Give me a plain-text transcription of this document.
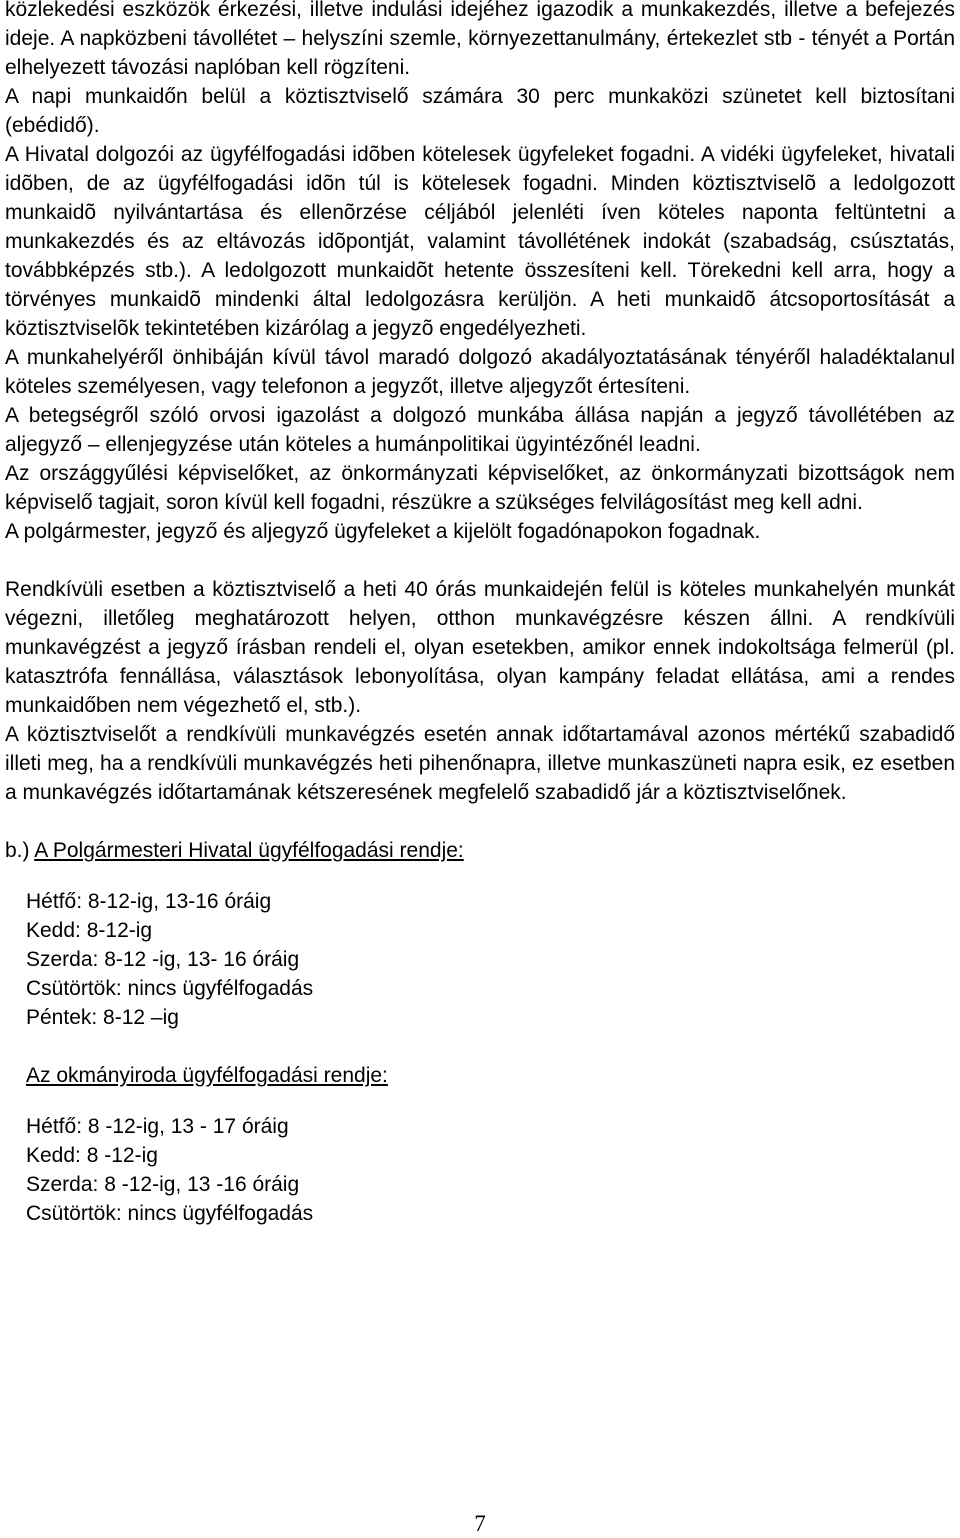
közlekedési eszközök érkezési, illetve indulási idejéhez igazodik a munkakezdés, illetve a befejezés ideje. A napközbeni távollétet – helyszíni szemle, környezettanulmány, értekezlet stb - tényét a Portán elhelyezett távozási naplóban kell rögzíteni.

A napi munkaidőn belül a köztisztviselő számára 30 perc munkaközi szünetet kell biztosítani (ebédidő).

A Hivatal dolgozói az ügyfélfogadási idõben kötelesek ügyfeleket fogadni. A vidéki ügyfeleket, hivatali idõben, de az ügyfélfogadási idõn túl is kötelesek fogadni. Minden köztisztviselõ a ledolgozott munkaidõ nyilvántartása és ellenõrzése céljából jelenléti íven köteles naponta feltüntetni a munkakezdés és az eltávozás idõpontját, valamint távollétének indokát (szabadság, csúsztatás, továbbképzés stb.). A ledolgozott munkaidõt hetente összesíteni kell. Törekedni kell arra, hogy a törvényes munkaidõ mindenki által ledolgozásra kerüljön. A heti munkaidõ átcsoportosítását a köztisztviselõk tekintetében kizárólag a jegyzõ engedélyezheti.

A munkahelyéről önhibáján kívül távol maradó dolgozó akadályoztatásának tényéről haladéktalanul köteles személyesen, vagy telefonon a jegyzőt, illetve aljegyzőt értesíteni.

A betegségről szóló orvosi igazolást a dolgozó munkába állása napján a jegyző távollétében az aljegyző – ellenjegyzése után köteles a humánpolitikai ügyintézőnél leadni.

Az országgyűlési képviselőket, az önkormányzati képviselőket, az önkormányzati bizottságok nem képviselő tagjait, soron kívül kell fogadni, részükre a szükséges felvilágosítást meg kell adni.

A polgármester, jegyző és aljegyző ügyfeleket a kijelölt fogadónapokon fogadnak.

Rendkívüli esetben a köztisztviselő a heti 40 órás munkaidején felül is köteles munkahelyén munkát végezni, illetőleg meghatározott helyen, otthon munkavégzésre készen állni. A rendkívüli munkavégzést a jegyző írásban rendeli el, olyan esetekben, amikor ennek indokoltsága felmerül (pl. katasztrófa fennállása, választások lebonyolítása, olyan kampány feladat ellátása, ami a rendes munkaidőben nem végezhető el, stb.).

A köztisztviselőt a rendkívüli munkavégzés esetén annak időtartamával azonos mértékű szabadidő illeti meg, ha a rendkívüli munkavégzés heti pihenőnapra, illetve munkaszüneti napra esik, ez esetben a munkavégzés időtartamának kétszeresének megfelelő szabadidő jár a köztisztviselőnek.

b.) A Polgármesteri Hivatal ügyfélfogadási rendje:

Hétfő: 8-12-ig, 13-16 óráig

Kedd: 8-12-ig

Szerda: 8-12 -ig, 13- 16 óráig

Csütörtök: nincs ügyfélfogadás

Péntek: 8-12 –ig

Az okmányiroda ügyfélfogadási rendje:

Hétfő: 8 -12-ig, 13 - 17 óráig

Kedd: 8 -12-ig

Szerda: 8 -12-ig, 13 -16 óráig

Csütörtök: nincs ügyfélfogadás

7
